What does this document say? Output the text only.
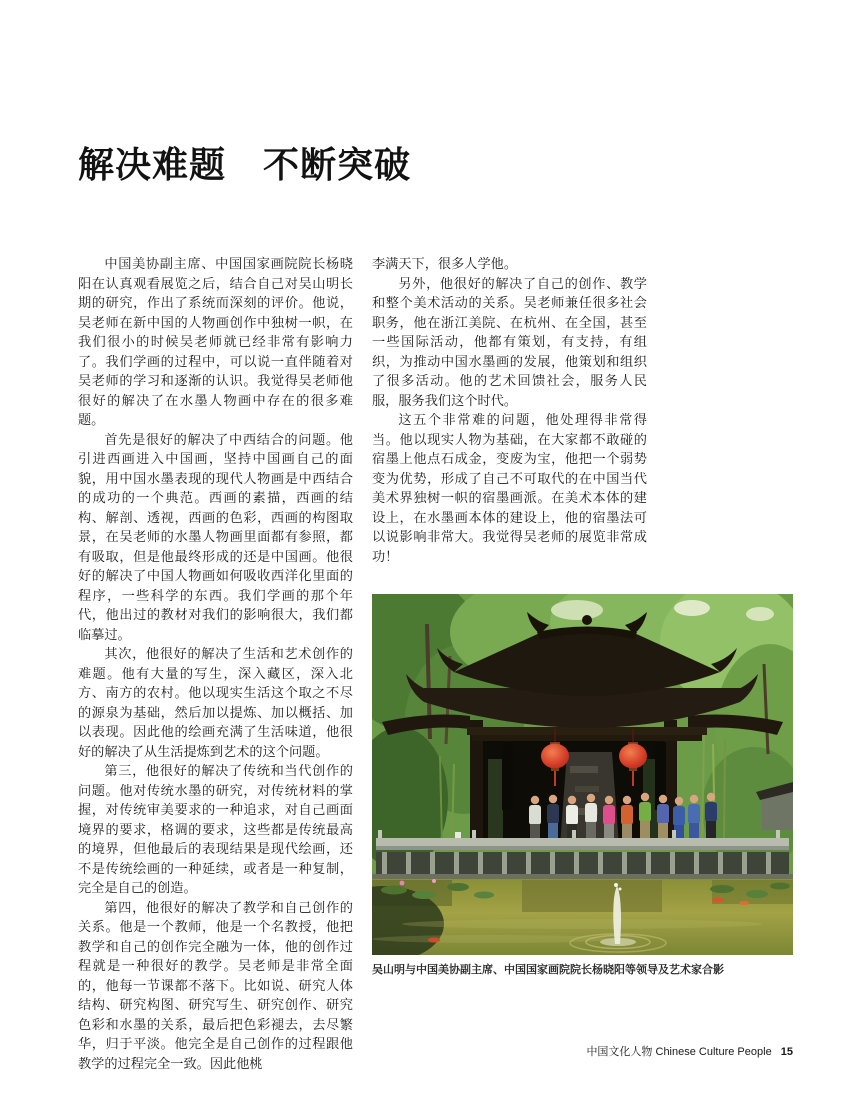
解决难题　不断突破

中国美协副主席、中国国家画院院长杨晓阳在认真观看展览之后，结合自己对吴山明长期的研究，作出了系统而深刻的评价。他说，吴老师在新中国的人物画创作中独树一帜，在我们很小的时候吴老师就已经非常有影响力了。我们学画的过程中，可以说一直伴随着对吴老师的学习和逐渐的认识。我觉得吴老师他很好的解决了在水墨人物画中存在的很多难题。

首先是很好的解决了中西结合的问题。他引进西画进入中国画，坚持中国画自己的面貌，用中国水墨表现的现代人物画是中西结合的成功的一个典范。西画的素描，西画的结构、解剖、透视，西画的色彩，西画的构图取景，在吴老师的水墨人物画里面都有参照，都有吸取，但是他最终形成的还是中国画。他很好的解决了中国人物画如何吸收西洋化里面的程序，一些科学的东西。我们学画的那个年代，他出过的教材对我们的影响很大，我们都临摹过。

其次，他很好的解决了生活和艺术创作的难题。他有大量的写生，深入藏区，深入北方、南方的农村。他以现实生活这个取之不尽的源泉为基础，然后加以提炼、加以概括、加以表现。因此他的绘画充满了生活味道，他很好的解决了从生活提炼到艺术的这个问题。

第三，他很好的解决了传统和当代创作的问题。他对传统水墨的研究，对传统材料的掌握，对传统审美要求的一种追求，对自己画面境界的要求，格调的要求，这些都是传统最高的境界，但他最后的表现结果是现代绘画，还不是传统绘画的一种延续，或者是一种复制，完全是自己的创造。

第四，他很好的解决了教学和自己创作的关系。他是一个教师，他是一个名教授，他把教学和自己的创作完全融为一体，他的创作过程就是一种很好的教学。吴老师是非常全面的，他每一节课都不落下。比如说、研究人体结构、研究构图、研究写生、研究创作、研究色彩和水墨的关系，最后把色彩褪去，去尽繁华，归于平淡。他完全是自己创作的过程跟他教学的过程完全一致。因此他桃

李满天下，很多人学他。

另外，他很好的解决了自己的创作、教学和整个美术活动的关系。吴老师兼任很多社会职务，他在浙江美院、在杭州、在全国，甚至一些国际活动，他都有策划，有支持，有组织，为推动中国水墨画的发展，他策划和组织了很多活动。他的艺术回馈社会，服务人民服，服务我们这个时代。

这五个非常难的问题，他处理得非常得当。他以现实人物为基础，在大家都不敢碰的宿墨上他点石成金，变废为宝，他把一个弱势变为优势，形成了自己不可取代的在中国当代美术界独树一帜的宿墨画派。在美术本体的建设上，在水墨画本体的建设上，他的宿墨法可以说影响非常大。我觉得吴老师的展览非常成功！

吴山明与中国美协副主席、中国国家画院院长杨晓阳等领导及艺术家合影
中国文化人物 Chinese Culture People 15
